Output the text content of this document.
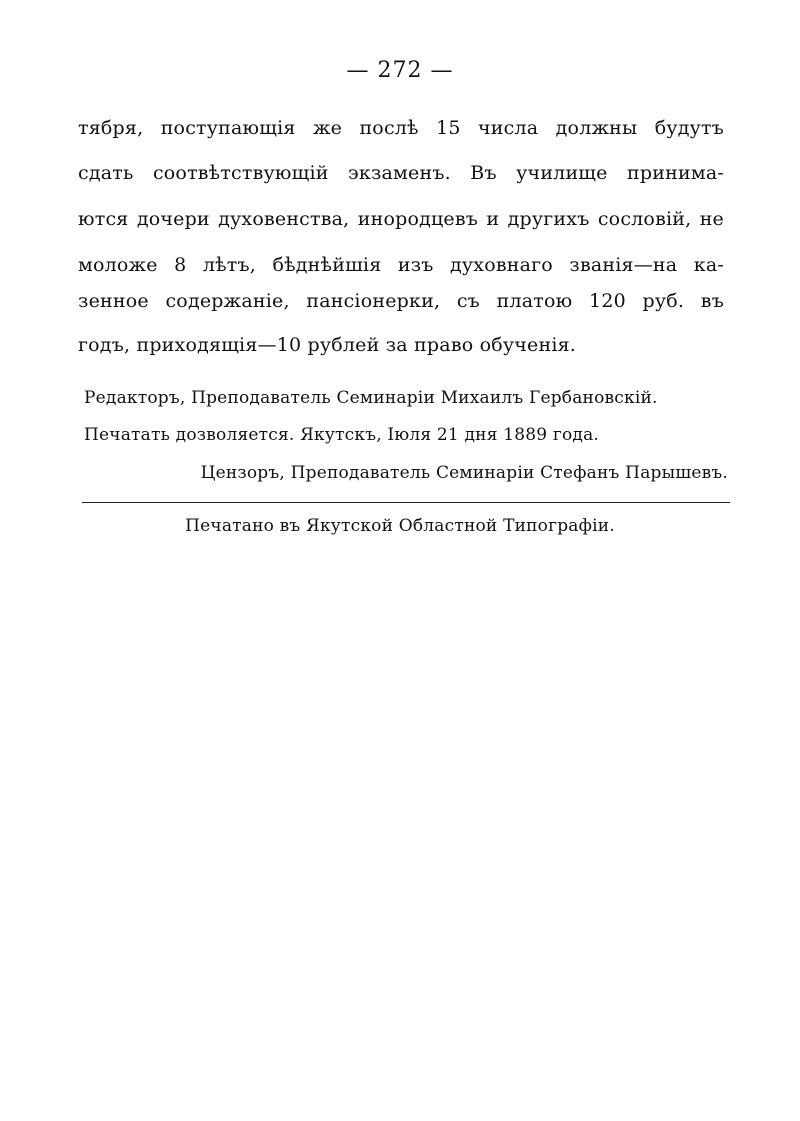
— 272 —
тября, поступающія же послѣ 15 числа должны будутъ
сдать соотвѣтствующій экзаменъ. Въ училище принима-
ются дочери духовенства, инородцевъ и другихъ сословій, не
моложе 8 лѣтъ, бѣднѣйшія изъ духовнаго званія—на ка-
зенное содержаніе, пансіонерки, съ платою 120 руб. въ
годъ, приходящія—10 рублей за право обученія.
Редакторъ, Преподаватель Семинаріи Михаилъ Гербановскій.
Печатать дозволяется. Якутскъ, Іюля 21 дня 1889 года.
Цензоръ, Преподаватель Семинаріи Стефанъ Парышевъ.
Печатано въ Якутской Областной Типографіи.
